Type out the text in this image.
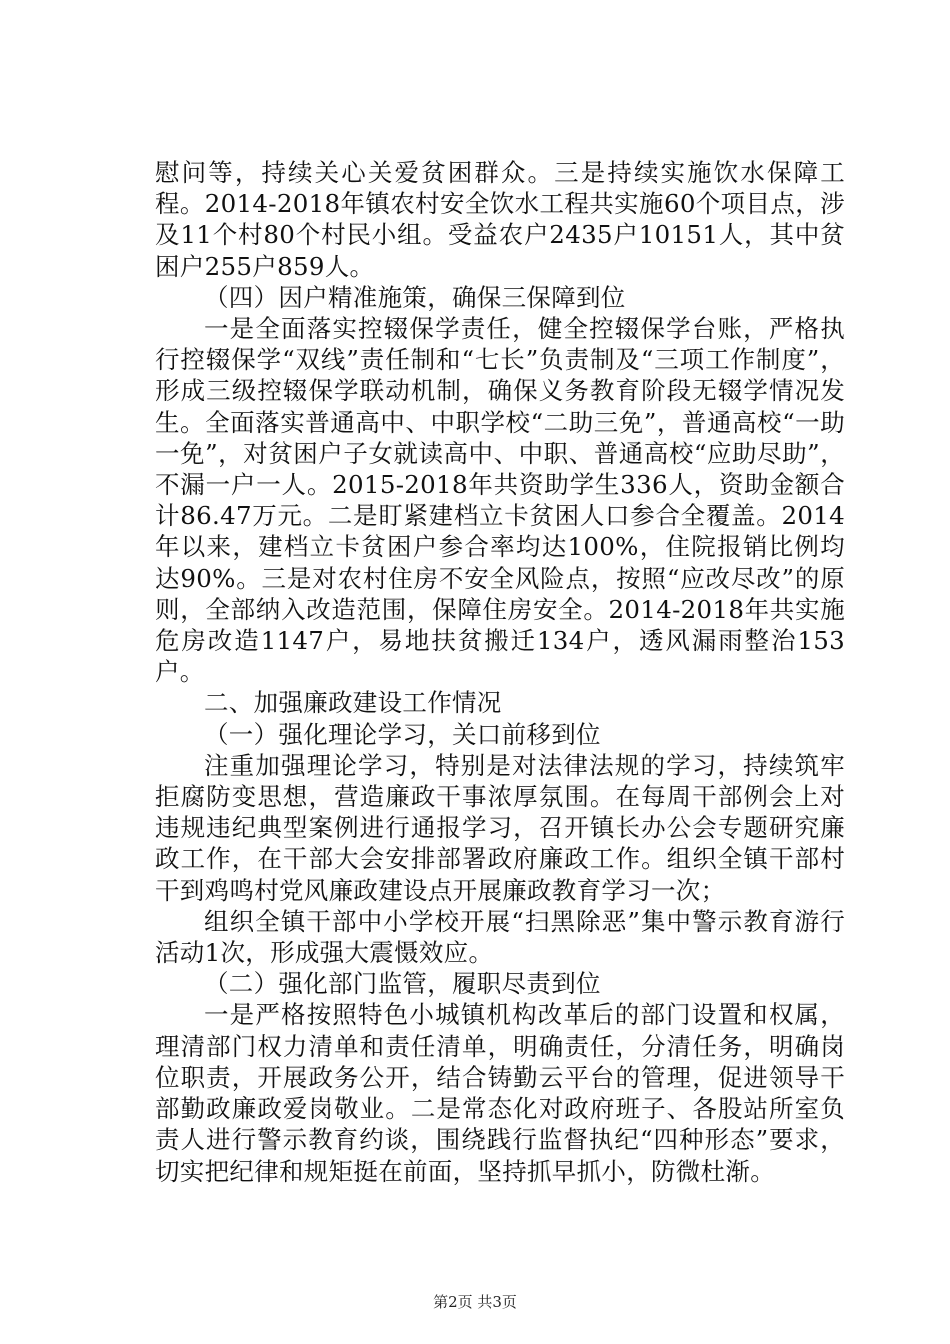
慰问等，持续关心关爱贫困群众。三是持续实施饮水保障工程。2014-2018年镇农村安全饮水工程共实施60个项目点，涉及11个村80个村民小组。受益农户2435户10151人，其中贫困户255户859人。

（四）因户精准施策，确保三保障到位

一是全面落实控辍保学责任，健全控辍保学台账，严格执行控辍保学“双线”责任制和“七长”负责制及“三项工作制度”，形成三级控辍保学联动机制，确保义务教育阶段无辍学情况发生。全面落实普通高中、中职学校“二助三免”，普通高校“一助一免”，对贫困户子女就读高中、中职、普通高校“应助尽助”，不漏一户一人。2015-2018年共资助学生336人，资助金额合计86.47万元。二是盯紧建档立卡贫困人口参合全覆盖。2014年以来，建档立卡贫困户参合率均达100%，住院报销比例均达90%。三是对农村住房不安全风险点，按照“应改尽改”的原则，全部纳入改造范围，保障住房安全。2014-2018年共实施危房改造1147户，易地扶贫搬迁134户，透风漏雨整治153户。

二、加强廉政建设工作情况

（一）强化理论学习，关口前移到位

注重加强理论学习，特别是对法律法规的学习，持续筑牢拒腐防变思想，营造廉政干事浓厚氛围。在每周干部例会上对违规违纪典型案例进行通报学习，召开镇长办公会专题研究廉政工作，在干部大会安排部署政府廉政工作。组织全镇干部村干到鸡鸣村党风廉政建设点开展廉政教育学习一次；

组织全镇干部中小学校开展“扫黑除恶”集中警示教育游行活动1次，形成强大震慑效应。

（二）强化部门监管，履职尽责到位

一是严格按照特色小城镇机构改革后的部门设置和权属，理清部门权力清单和责任清单，明确责任，分清任务，明确岗位职责，开展政务公开，结合铸勤云平台的管理，促进领导干部勤政廉政爱岗敬业。二是常态化对政府班子、各股站所室负责人进行警示教育约谈，围绕践行监督执纪“四种形态”要求，切实把纪律和规矩挺在前面，坚持抓早抓小，防微杜渐。

第2页 共3页
